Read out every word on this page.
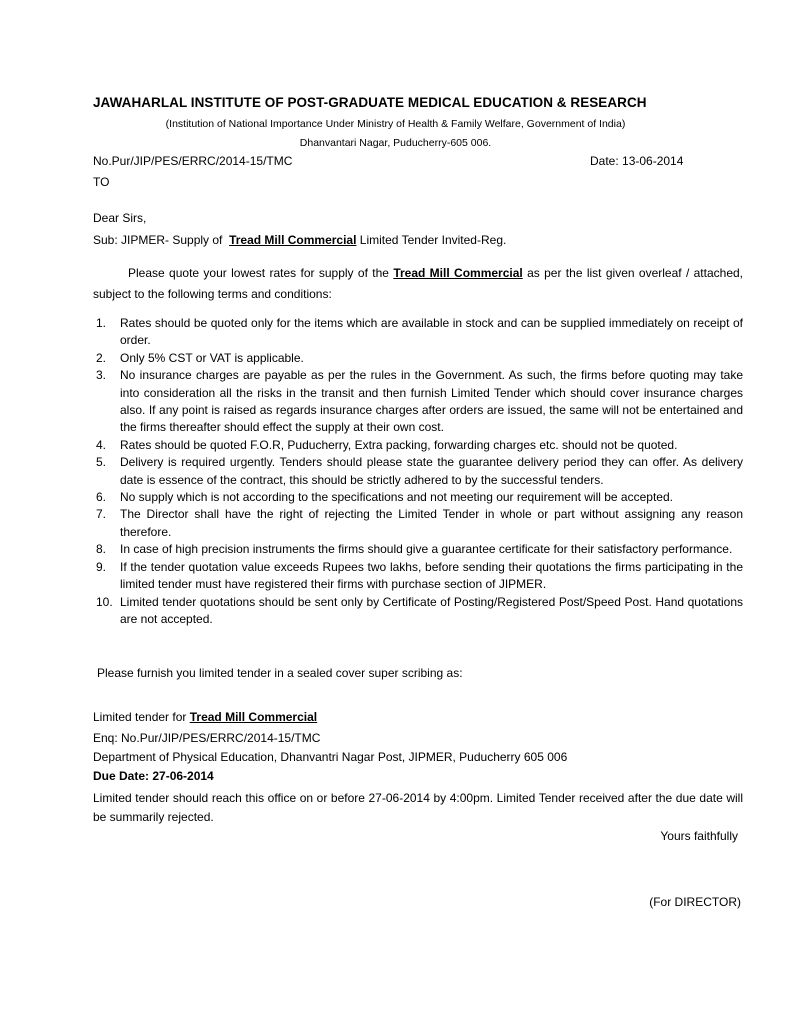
JAWAHARLAL INSTITUTE OF POST-GRADUATE MEDICAL EDUCATION & RESEARCH
(Institution of National Importance Under Ministry of Health & Family Welfare, Government of India)
Dhanvantari Nagar, Puducherry-605 006.
No.Pur/JIP/PES/ERRC/2014-15/TMC	Date: 13-06-2014
TO
Dear Sirs,
Sub: JIPMER- Supply of Tread Mill Commercial Limited Tender Invited-Reg.
Please quote your lowest rates for supply of the Tread Mill Commercial as per the list given overleaf / attached, subject to the following terms and conditions:
1.	Rates should be quoted only for the items which are available in stock and can be supplied immediately on receipt of order.
2.	Only 5% CST or VAT is applicable.
3.	No insurance charges are payable as per the rules in the Government. As such, the firms before quoting may take into consideration all the risks in the transit and then furnish Limited Tender which should cover insurance charges also. If any point is raised as regards insurance charges after orders are issued, the same will not be entertained and the firms thereafter should effect the supply at their own cost.
4.	Rates should be quoted F.O.R, Puducherry, Extra packing, forwarding charges etc. should not be quoted.
5.	Delivery is required urgently. Tenders should please state the guarantee delivery period they can offer. As delivery date is essence of the contract, this should be strictly adhered to by the successful tenders.
6.	No supply which is not according to the specifications and not meeting our requirement will be accepted.
7.	The Director shall have the right of rejecting the Limited Tender in whole or part without assigning any reason therefore.
8.	In case of high precision instruments the firms should give a guarantee certificate for their satisfactory performance.
9.	If the tender quotation value exceeds Rupees two lakhs, before sending their quotations the firms participating in the limited tender must have registered their firms with purchase section of JIPMER.
10. Limited tender quotations should be sent only by Certificate of Posting/Registered Post/Speed Post. Hand quotations are not accepted.
Please furnish you limited tender in a sealed cover super scribing as:
Limited tender for Tread Mill Commercial
Enq: No.Pur/JIP/PES/ERRC/2014-15/TMC
Department of Physical Education, Dhanvantri Nagar Post, JIPMER, Puducherry 605 006
Due Date: 27-06-2014
Limited tender should reach this office on or before 27-06-2014 by 4:00pm. Limited Tender received after the due date will be summarily rejected.
Yours faithfully
(For DIRECTOR)
